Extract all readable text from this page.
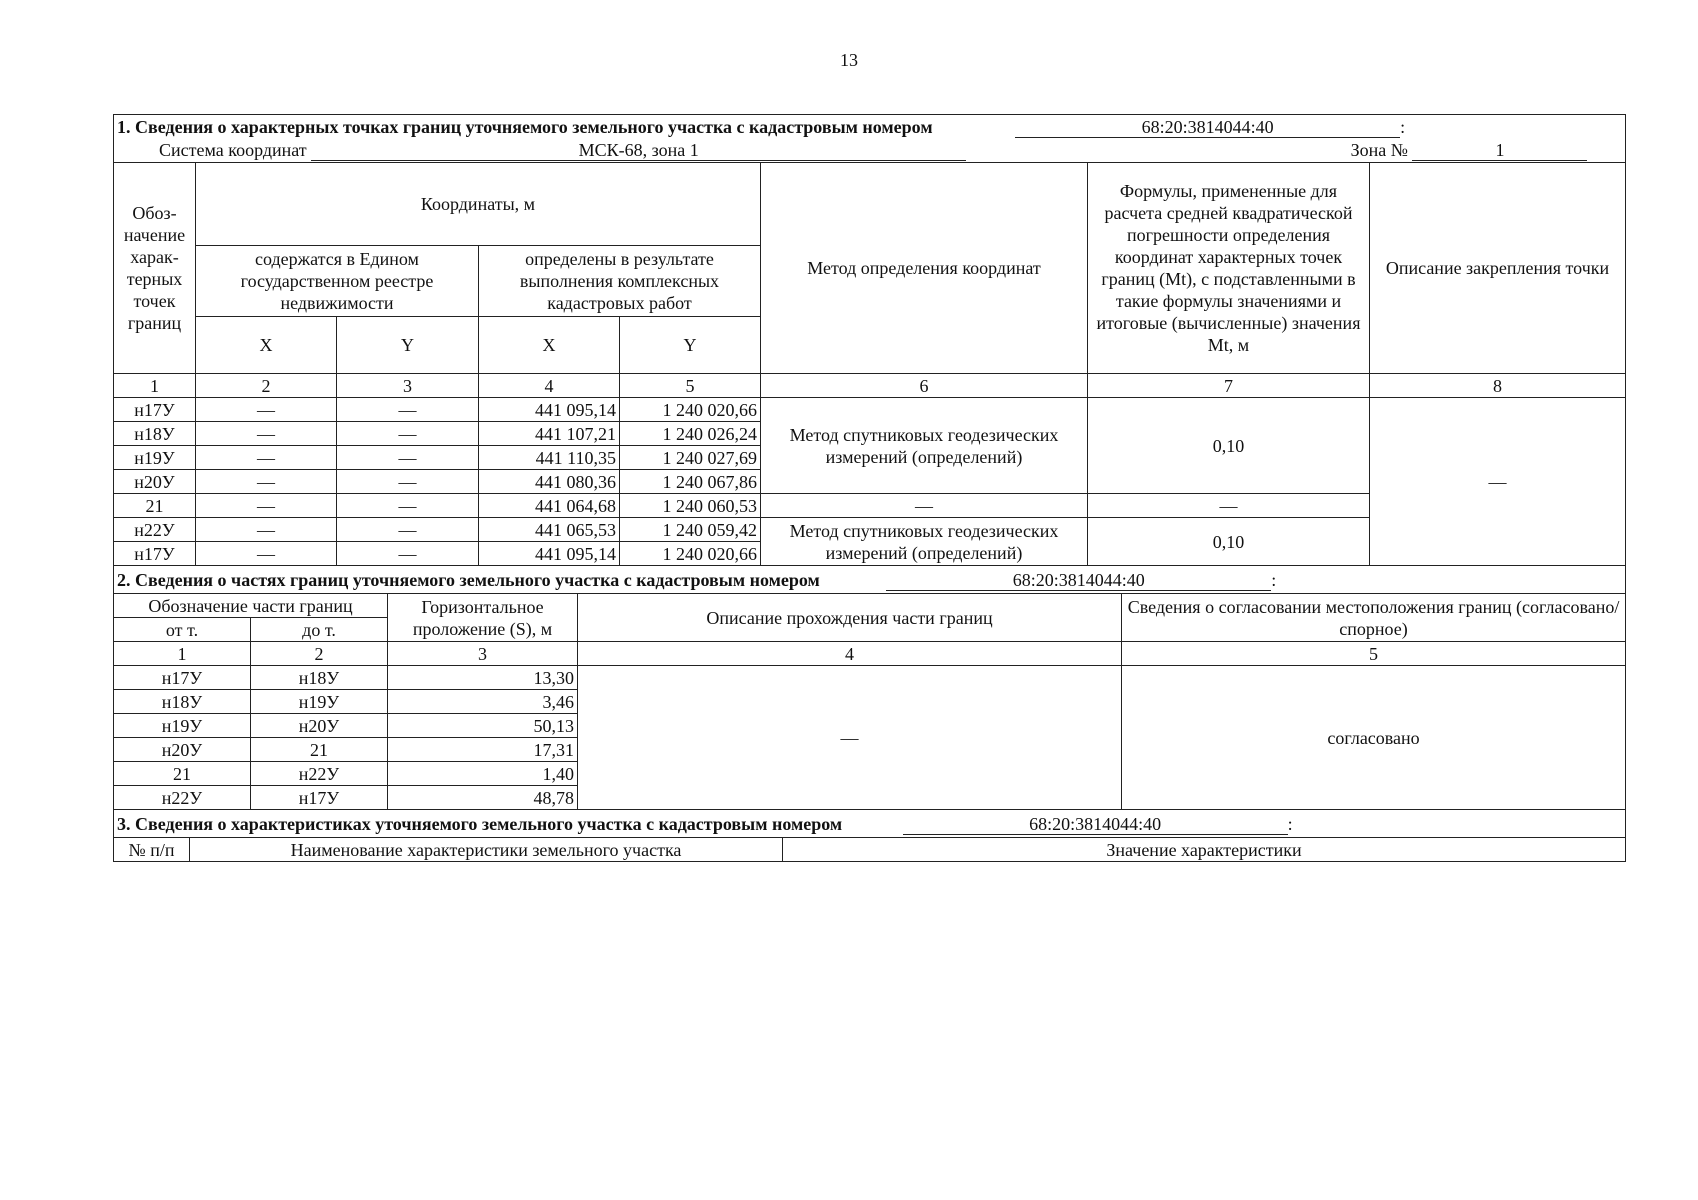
13
1. Сведения о характерных точках границ уточняемого земельного участка с кадастровым номером 68:20:3814044:40 :							
Система координат МСК-68, зона 1 Зона № 1							
Обоз-начение харак-терных точек границ	Координаты, м				Метод определения координат	Формулы, примененные для расчета средней квадратической погрешности определения координат характерных точек границ (Mt), с подставленными в такие формулы значениями и итоговые (вычисленные) значения Mt, м	Описание закрепления точки
	содержатся в Едином государственном реестре недвижимости		определены в результате выполнения комплексных кадастровых работ				
	X	Y	X	Y			
1	2	3	4	5	6	7	8
н17У	—	—	441 095,14	1 240 020,66	Метод спутниковых геодезических измерений (определений)	0,10	—
н18У	—	—	441 107,21	1 240 026,24			
н19У	—	—	441 110,35	1 240 027,69			
н20У	—	—	441 080,36	1 240 067,86			
21	—	—	441 064,68	1 240 060,53	—	—	
н22У	—	—	441 065,53	1 240 059,42	Метод спутниковых геодезических измерений (определений)	0,10	
н17У	—	—	441 095,14	1 240 020,66			
2. Сведения о частях границ уточняемого земельного участка с кадастровым номером 68:20:3814044:40 :				
Обозначение части границ		Горизонтальное проложение (S), м	Описание прохождения части границ	Сведения о согласовании местоположения границ (согласовано/спорное)
от т.	до т.			
1	2	3	4	5
н17У	н18У	13,30	—	согласовано
н18У	н19У	3,46		
н19У	н20У	50,13		
н20У	21	17,31		
21	н22У	1,40		
н22У	н17У	48,78		
3. Сведения о характеристиках уточняемого земельного участка с кадастровым номером	68:20:3814044:40	:
№ п/п	Наименование характеристики земельного участка	Значение характеристики
